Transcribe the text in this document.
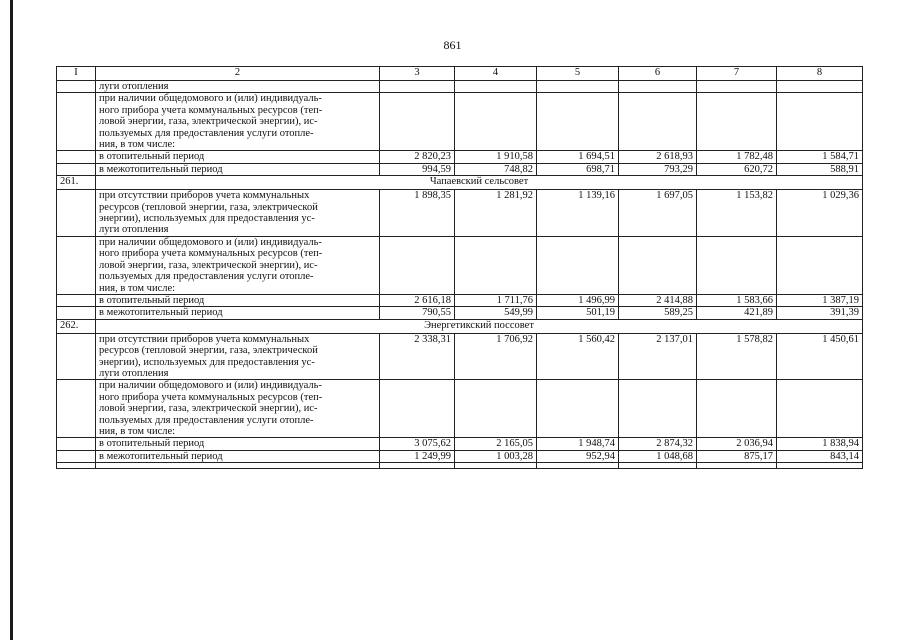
861
I	2	3	4	5	6	7	8
	луги отопления						
	при наличии общедомового и (или) индивидуаль-
ного прибора учета коммунальных ресурсов (теп-
ловой энергии, газа, электрической энергии), ис-
пользуемых для предоставления услуги отопле-
ния, в том числе:						
	в отопительный период	2 820,23	1 910,58	1 694,51	2 618,93	1 782,48	1 584,71
	в межотопительный период	994,59	748,82	698,71	793,29	620,72	588,91
261.	Чапаевский сельсовет						
	при отсутствии приборов учета коммунальных
ресурсов (тепловой энергии, газа, электрической
энергии), используемых для предоставления ус-
луги отопления	1 898,35	1 281,92	1 139,16	1 697,05	1 153,82	1 029,36
	при наличии общедомового и (или) индивидуаль-
ного прибора учета коммунальных ресурсов (теп-
ловой энергии, газа, электрической энергии), ис-
пользуемых для предоставления услуги отопле-
ния, в том числе:						
	в отопительный период	2 616,18	1 711,76	1 496,99	2 414,88	1 583,66	1 387,19
	в межотопительный период	790,55	549,99	501,19	589,25	421,89	391,39
262.	Энергетикский поссовет						
	при отсутствии приборов учета коммунальных
ресурсов (тепловой энергии, газа, электрической
энергии), используемых для предоставления ус-
луги отопления	2 338,31	1 706,92	1 560,42	2 137,01	1 578,82	1 450,61
	при наличии общедомового и (или) индивидуаль-
ного прибора учета коммунальных ресурсов (теп-
ловой энергии, газа, электрической энергии), ис-
пользуемых для предоставления услуги отопле-
ния, в том числе:						
	в отопительный период	3 075,62	2 165,05	1 948,74	2 874,32	2 036,94	1 838,94
	в межотопительный период	1 249,99	1 003,28	952,94	1 048,68	875,17	843,14
